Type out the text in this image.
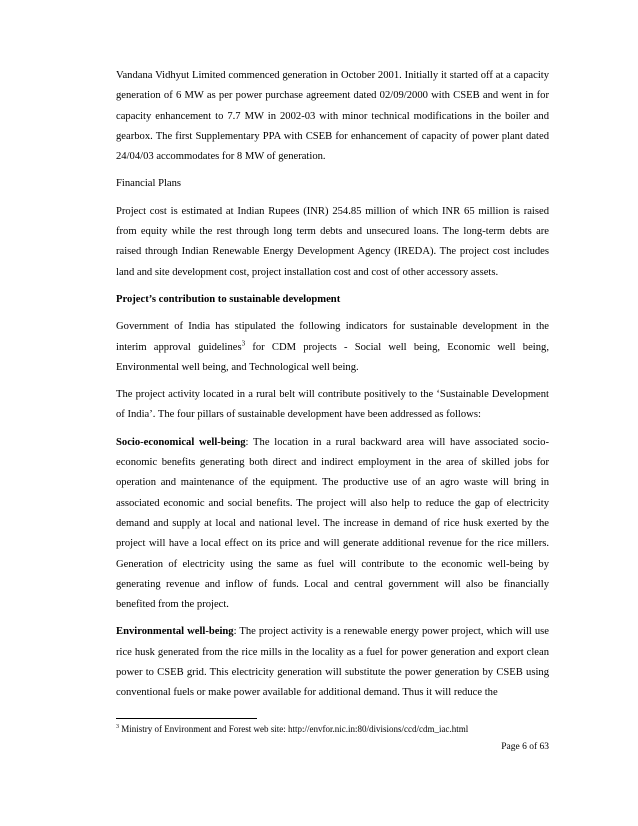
Vandana Vidhyut Limited commenced generation in October 2001. Initially it started off at a capacity generation of 6 MW as per power purchase agreement dated 02/09/2000 with CSEB and went in for capacity enhancement to 7.7 MW in 2002-03 with minor technical modifications in the boiler and gearbox. The first Supplementary PPA with CSEB for enhancement of capacity of power plant dated 24/04/03 accommodates for 8 MW of generation.

Financial Plans

Project cost is estimated at Indian Rupees (INR) 254.85 million of which INR 65 million is raised from equity while the rest through long term debts and unsecured loans. The long-term debts are raised through Indian Renewable Energy Development Agency (IREDA). The project cost includes land and site development cost, project installation cost and cost of other accessory assets.

Project’s contribution to sustainable development

Government of India has stipulated the following indicators for sustainable development in the interim approval guidelines$^3$ for CDM projects - Social well being, Economic well being, Environmental well being, and Technological well being.

The project activity located in a rural belt will contribute positively to the ‘Sustainable Development of India’. The four pillars of sustainable development have been addressed as follows:

Socio-economical well-being: The location in a rural backward area will have associated socio-economic benefits generating both direct and indirect employment in the area of skilled jobs for operation and maintenance of the equipment. The productive use of an agro waste will bring in associated economic and social benefits. The project will also help to reduce the gap of electricity demand and supply at local and national level. The increase in demand of rice husk exerted by the project will have a local effect on its price and will generate additional revenue for the rice millers. Generation of electricity using the same as fuel will contribute to the economic well-being by generating revenue and inflow of funds. Local and central government will also be financially benefited from the project.

Environmental well-being: The project activity is a renewable energy power project, which will use rice husk generated from the rice mills in the locality as a fuel for power generation and export clean power to CSEB grid. This electricity generation will substitute the power generation by CSEB using conventional fuels or make power available for additional demand. Thus it will reduce the

$^3$ Ministry of Environment and Forest web site: http://envfor.nic.in:80/divisions/ccd/cdm_iac.html
Page 6 of 63
